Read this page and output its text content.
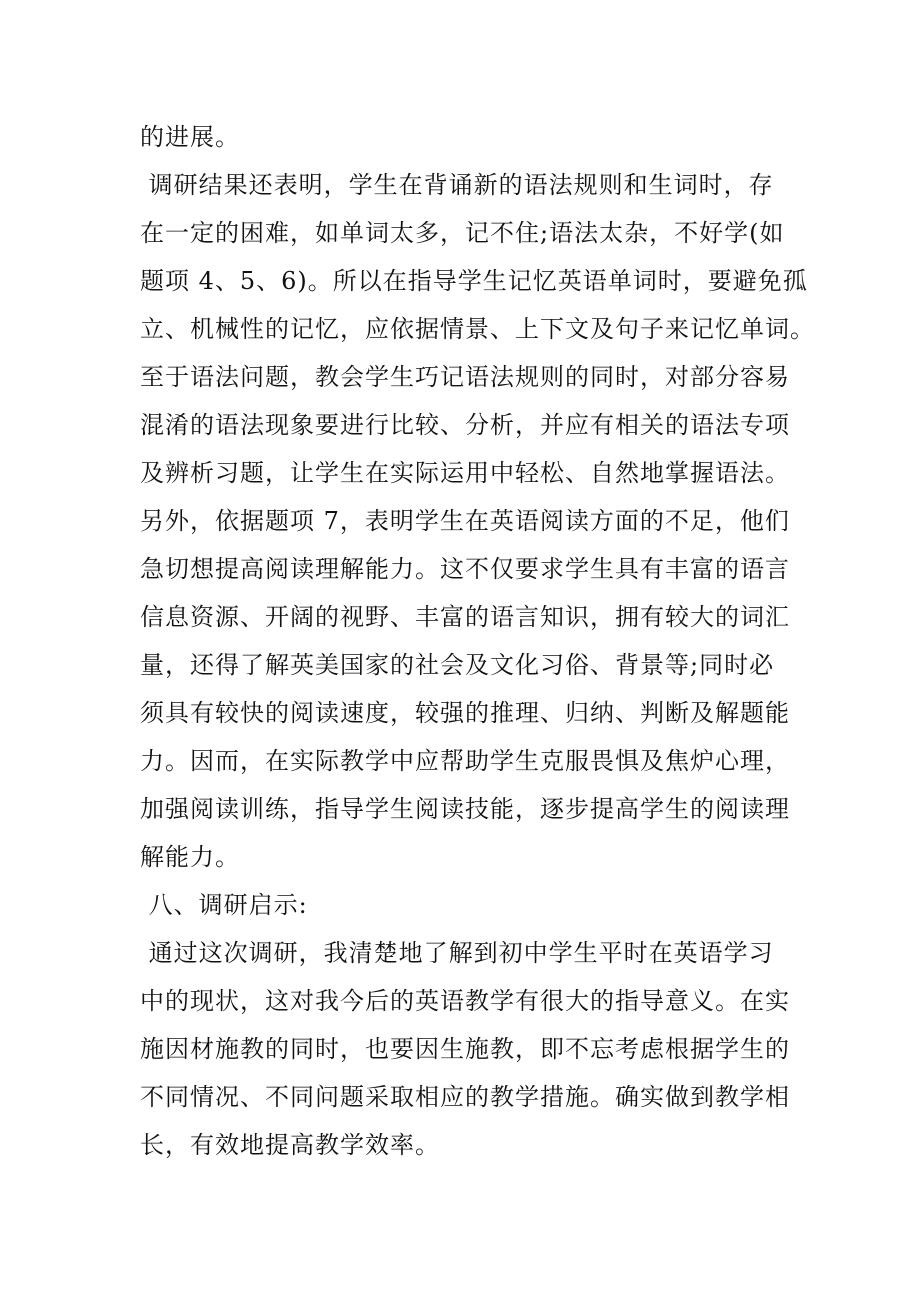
的进展。
调研结果还表明，学生在背诵新的语法规则和生词时，存
在一定的困难，如单词太多，记不住;语法太杂，不好学(如
题项 4、5、6)。所以在指导学生记忆英语单词时，要避免孤
立、机械性的记忆，应依据情景、上下文及句子来记忆单词。
至于语法问题，教会学生巧记语法规则的同时，对部分容易
混淆的语法现象要进行比较、分析，并应有相关的语法专项
及辨析习题，让学生在实际运用中轻松、自然地掌握语法。
另外，依据题项 7，表明学生在英语阅读方面的不足，他们
急切想提高阅读理解能力。这不仅要求学生具有丰富的语言
信息资源、开阔的视野、丰富的语言知识，拥有较大的词汇
量，还得了解英美国家的社会及文化习俗、背景等;同时必
须具有较快的阅读速度，较强的推理、归纳、判断及解题能
力。因而，在实际教学中应帮助学生克服畏惧及焦炉心理，
加强阅读训练，指导学生阅读技能，逐步提高学生的阅读理
解能力。
八、调研启示:
通过这次调研，我清楚地了解到初中学生平时在英语学习
中的现状，这对我今后的英语教学有很大的指导意义。在实
施因材施教的同时，也要因生施教，即不忘考虑根据学生的
不同情况、不同问题采取相应的教学措施。确实做到教学相
长，有效地提高教学效率。
